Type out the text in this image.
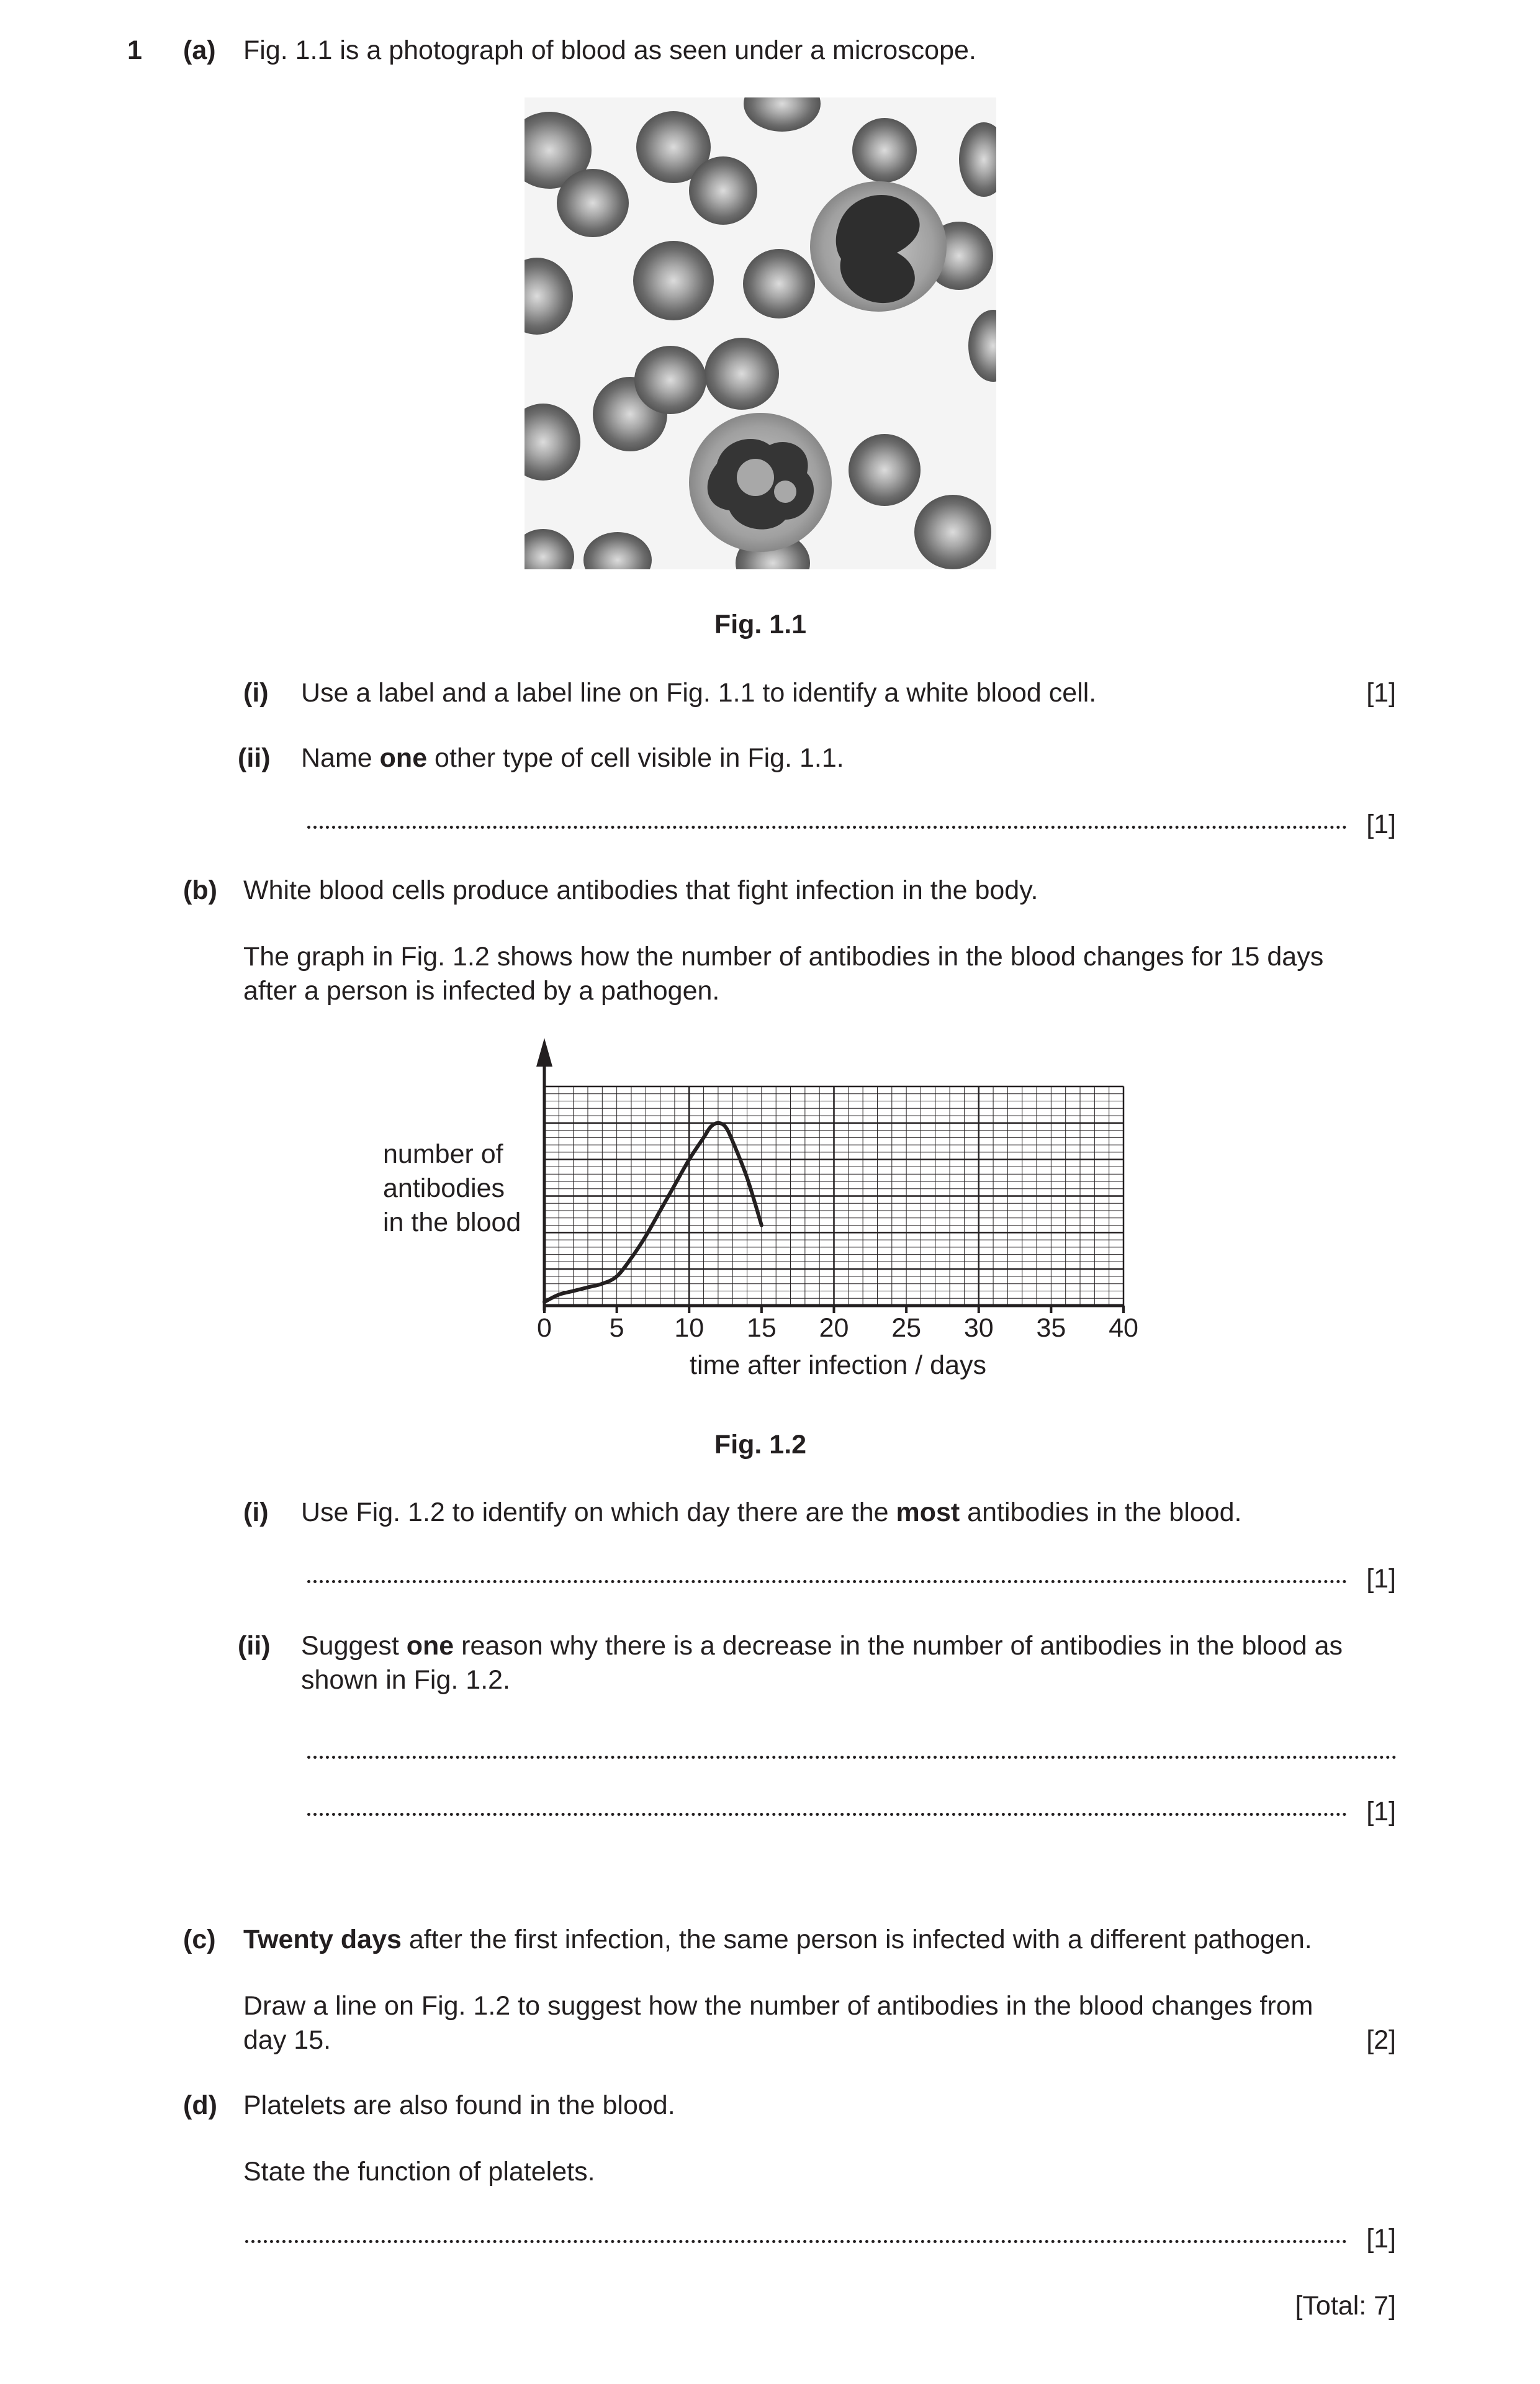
1 (a) Fig. 1.1 is a photograph of blood as seen under a microscope.
Fig. 1.1
(i) Use a label and a label line on Fig. 1.1 to identify a white blood cell.	[1]
(ii) Name one other type of cell visible in Fig. 1.1.
[1]
(b) White blood cells produce antibodies that fight infection in the body.
The graph in Fig. 1.2 shows how the number of antibodies in the blood changes for 15 days
after a person is infected by a pathogen.
number of
antibodies
in the blood
0	5	10	15	20	25	30	35	40
time after infection / days
Fig. 1.2
(i) Use Fig. 1.2 to identify on which day there are the most antibodies in the blood.
[1]
(ii) Suggest one reason why there is a decrease in the number of antibodies in the blood as
shown in Fig. 1.2.
[1]
(c) Twenty days after the first infection, the same person is infected with a different pathogen.
Draw a line on Fig. 1.2 to suggest how the number of antibodies in the blood changes from
day 15.	[2]
(d) Platelets are also found in the blood.
State the function of platelets.
[1]
[Total: 7]
